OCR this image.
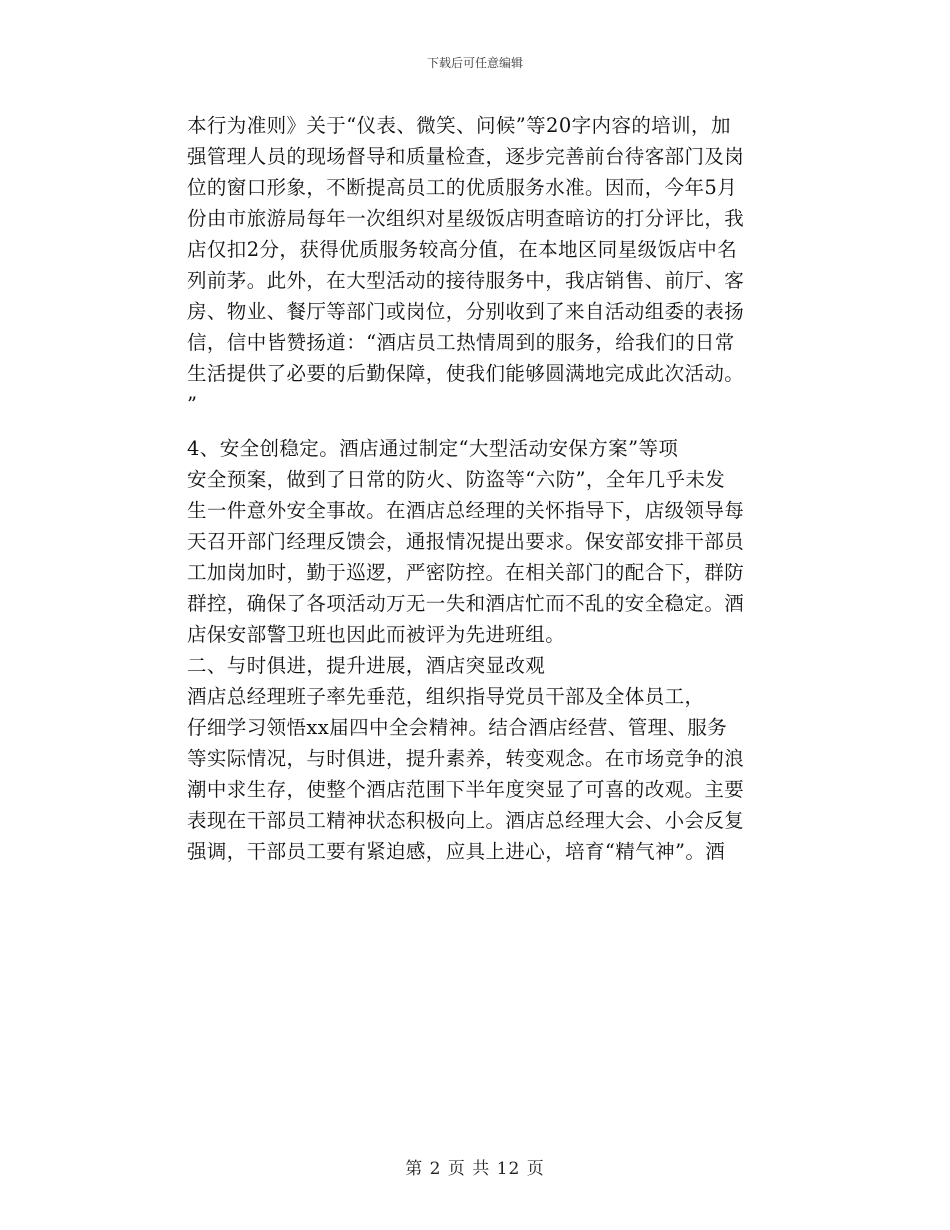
下载后可任意编辑
本行为准则》关于“仪表、微笑、问候”等20字内容的培训，加
强管理人员的现场督导和质量检查，逐步完善前台待客部门及岗
位的窗口形象，不断提高员工的优质服务水准。因而，今年5月
份由市旅游局每年一次组织对星级饭店明查暗访的打分评比，我
店仅扣2分，获得优质服务较高分值，在本地区同星级饭店中名
列前茅。此外，在大型活动的接待服务中，我店销售、前厅、客
房、物业、餐厅等部门或岗位，分别收到了来自活动组委的表扬
信，信中皆赞扬道：“酒店员工热情周到的服务，给我们的日常
生活提供了必要的后勤保障，使我们能够圆满地完成此次活动。
”
4、安全创稳定。酒店通过制定“大型活动安保方案”等项
安全预案，做到了日常的防火、防盗等“六防”，全年几乎未发
生一件意外安全事故。在酒店总经理的关怀指导下，店级领导每
天召开部门经理反馈会，通报情况提出要求。保安部安排干部员
工加岗加时，勤于巡逻，严密防控。在相关部门的配合下，群防
群控，确保了各项活动万无一失和酒店忙而不乱的安全稳定。酒
店保安部警卫班也因此而被评为先进班组。
二、与时俱进，提升进展，酒店突显改观
酒店总经理班子率先垂范，组织指导党员干部及全体员工，
仔细学习领悟xx届四中全会精神。结合酒店经营、管理、服务
等实际情况，与时俱进，提升素养，转变观念。在市场竞争的浪
潮中求生存，使整个酒店范围下半年度突显了可喜的改观。主要
表现在干部员工精神状态积极向上。酒店总经理大会、小会反复
强调，干部员工要有紧迫感，应具上进心，培育“精气神”。酒
第 2 页 共 12 页
